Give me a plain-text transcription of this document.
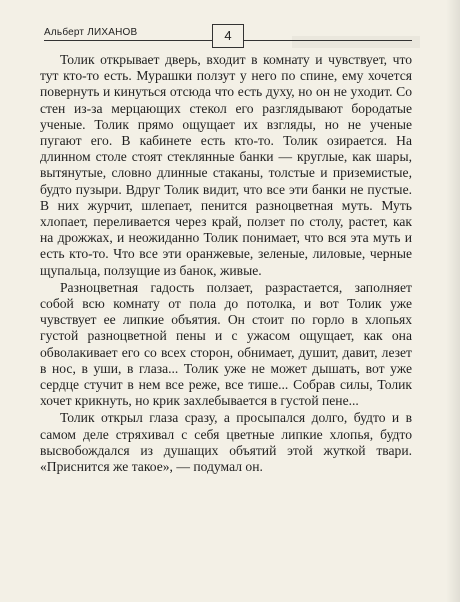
Альберт ЛИХАНОВ	4

Толик открывает дверь, входит в комнату и чувствует, что тут кто-то есть. Мурашки ползут у него по спине, ему хочется повернуть и кинуться отсюда что есть духу, но он не уходит. Со стен из-за мерцающих стекол его разглядывают бородатые ученые. Толик прямо ощущает их взгляды, но не ученые пугают его. В кабинете есть кто-то. Толик озирается. На длинном столе стоят стеклянные банки — круглые, как шары, вытянутые, словно длинные стаканы, толстые и приземистые, будто пузыри. Вдруг Толик видит, что все эти банки не пустые. В них журчит, шлепает, пенится разноцветная муть. Муть хлопает, переливается через край, ползет по столу, растет, как на дрожжах, и неожиданно Толик понимает, что вся эта муть и есть кто-то. Что все эти оранжевые, зеленые, лиловые, черные щупальца, ползущие из банок, живые.

Разноцветная гадость ползает, разрастается, заполняет собой всю комнату от пола до потолка, и вот Толик уже чувствует ее липкие объятия. Он стоит по горло в хлопьях густой разноцветной пены и с ужасом ощущает, как она обволакивает его со всех сторон, обнимает, душит, давит, лезет в нос, в уши, в глаза... Толик уже не может дышать, вот уже сердце стучит в нем все реже, все тише... Собрав силы, Толик хочет крикнуть, но крик захлебывается в густой пене...

Толик открыл глаза сразу, а просыпался долго, будто и в самом деле стряхивал с себя цветные липкие хлопья, будто высвобождался из душащих объятий этой жуткой твари. «Приснится же такое», — подумал он.
